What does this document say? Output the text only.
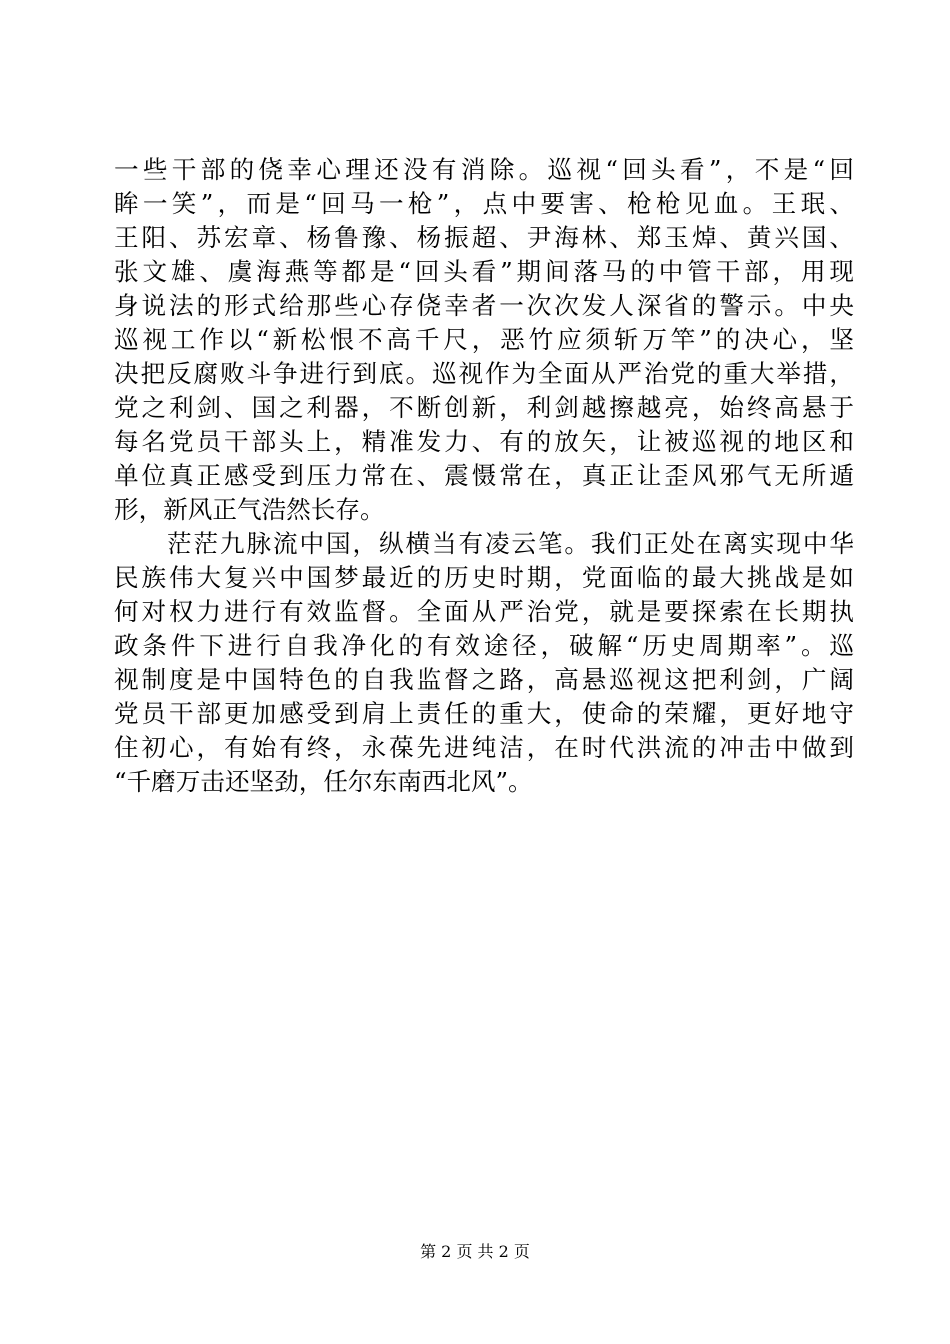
一些干部的侥幸心理还没有消除。巡视“回头看”，不是“回
眸一笑”，而是“回马一枪”，点中要害、枪枪见血。王珉、
王阳、苏宏章、杨鲁豫、杨振超、尹海林、郑玉焯、黄兴国、
张文雄、虞海燕等都是“回头看”期间落马的中管干部，用现
身说法的形式给那些心存侥幸者一次次发人深省的警示。中央
巡视工作以“新松恨不高千尺，恶竹应须斩万竿”的决心，坚
决把反腐败斗争进行到底。巡视作为全面从严治党的重大举措，
党之利剑、国之利器，不断创新，利剑越擦越亮，始终高悬于
每名党员干部头上，精准发力、有的放矢，让被巡视的地区和
单位真正感受到压力常在、震慑常在，真正让歪风邪气无所遁
形，新风正气浩然长存。
　　茫茫九脉流中国，纵横当有凌云笔。我们正处在离实现中华
民族伟大复兴中国梦最近的历史时期，党面临的最大挑战是如
何对权力进行有效监督。全面从严治党，就是要探索在长期执
政条件下进行自我净化的有效途径，破解“历史周期率”。巡
视制度是中国特色的自我监督之路，高悬巡视这把利剑，广阔
党员干部更加感受到肩上责任的重大，使命的荣耀，更好地守
住初心，有始有终，永葆先进纯洁，在时代洪流的冲击中做到
“千磨万击还坚劲，任尔东南西北风”。
第 2 页 共 2 页
